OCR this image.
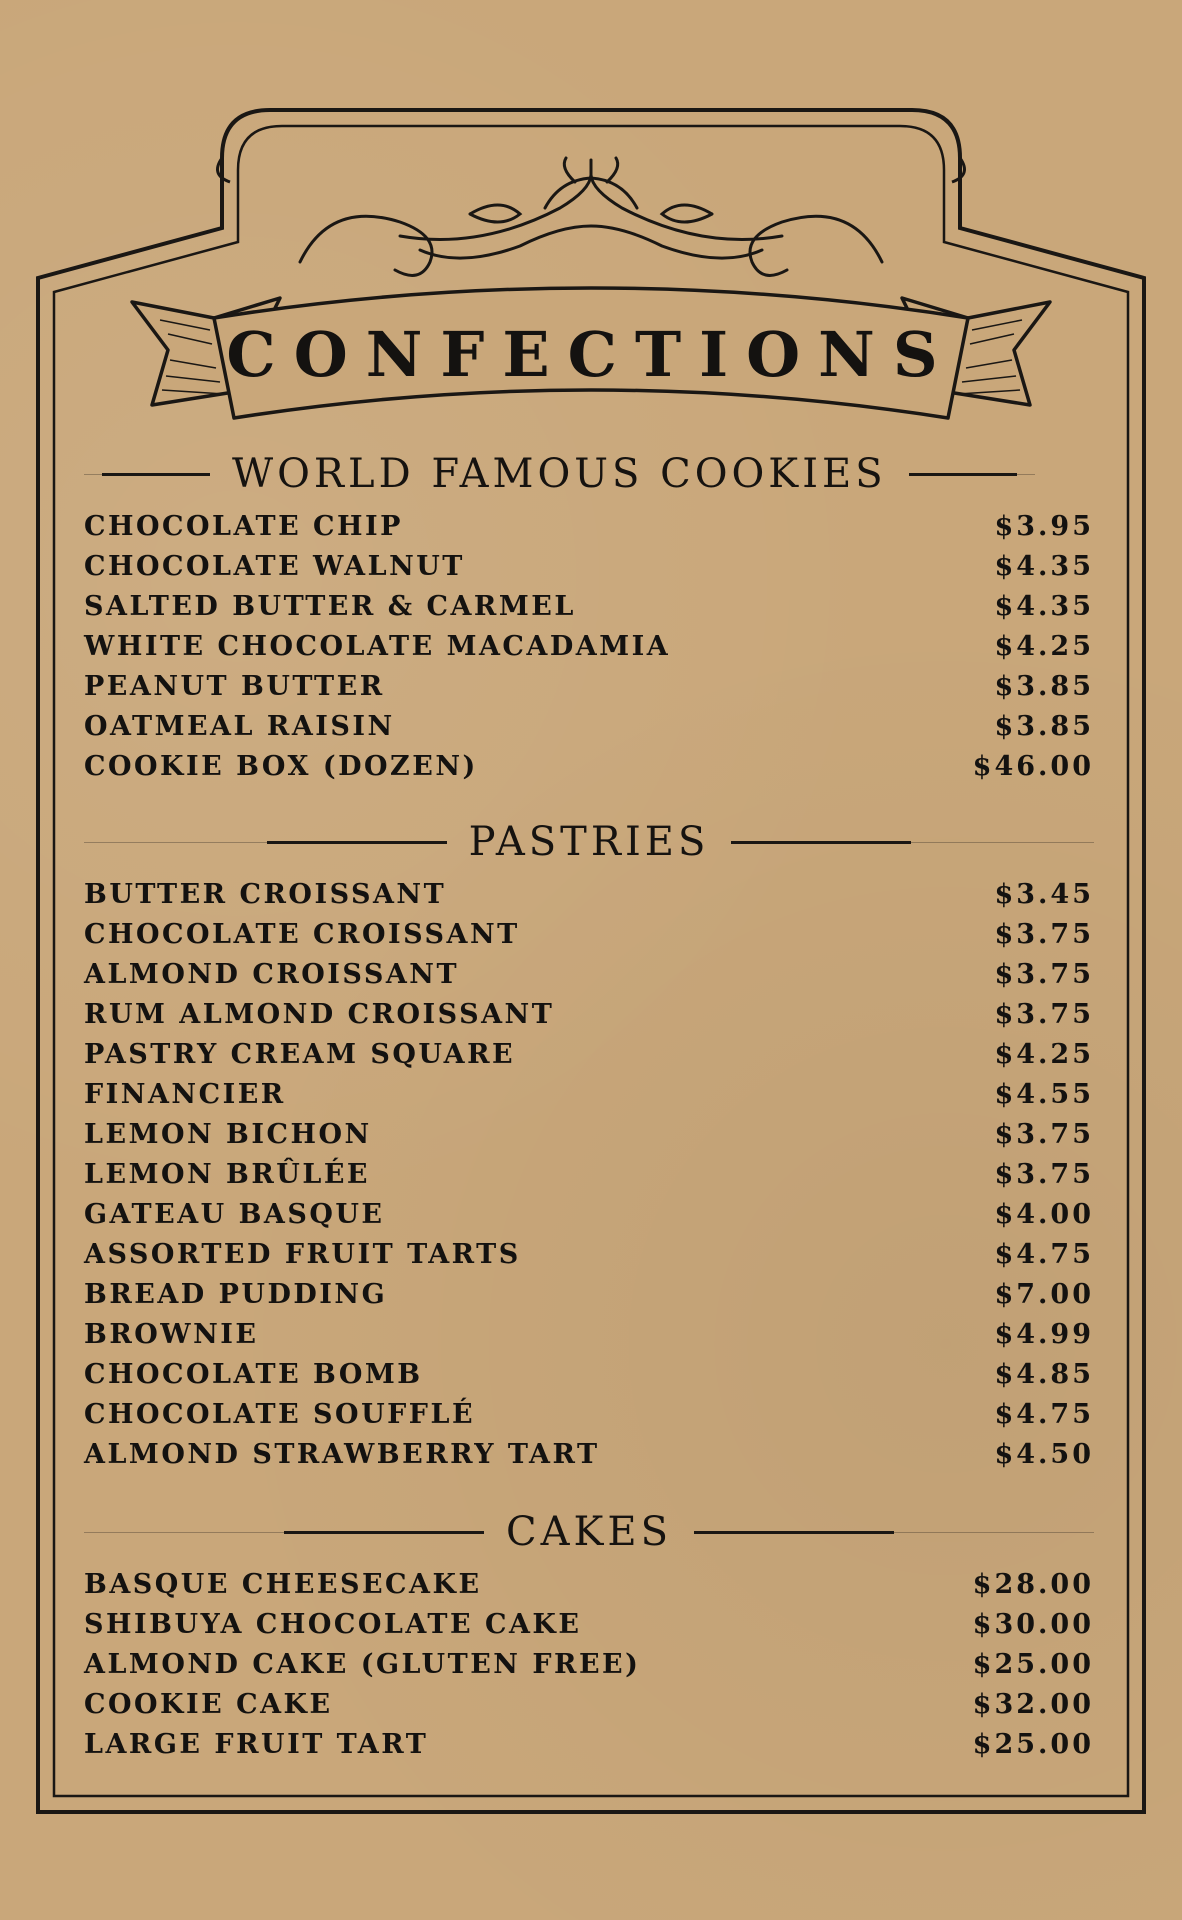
CONFECTIONS
WORLD FAMOUS COOKIES
CHOCOLATE CHIP	$3.95
CHOCOLATE WALNUT	$4.35
SALTED BUTTER & CARMEL	$4.35
WHITE CHOCOLATE MACADAMIA	$4.25
PEANUT BUTTER	$3.85
OATMEAL RAISIN	$3.85
COOKIE BOX (DOZEN)	$46.00
PASTRIES
BUTTER CROISSANT	$3.45
CHOCOLATE CROISSANT	$3.75
ALMOND CROISSANT	$3.75
RUM ALMOND CROISSANT	$3.75
PASTRY CREAM SQUARE	$4.25
FINANCIER	$4.55
LEMON BICHON	$3.75
LEMON BRÛLÉE	$3.75
GATEAU BASQUE	$4.00
ASSORTED FRUIT TARTS	$4.75
BREAD PUDDING	$7.00
BROWNIE	$4.99
CHOCOLATE BOMB	$4.85
CHOCOLATE SOUFFLÉ	$4.75
ALMOND STRAWBERRY TART	$4.50
CAKES
BASQUE CHEESECAKE	$28.00
SHIBUYA CHOCOLATE CAKE	$30.00
ALMOND CAKE (GLUTEN FREE)	$25.00
COOKIE CAKE	$32.00
LARGE FRUIT TART	$25.00
